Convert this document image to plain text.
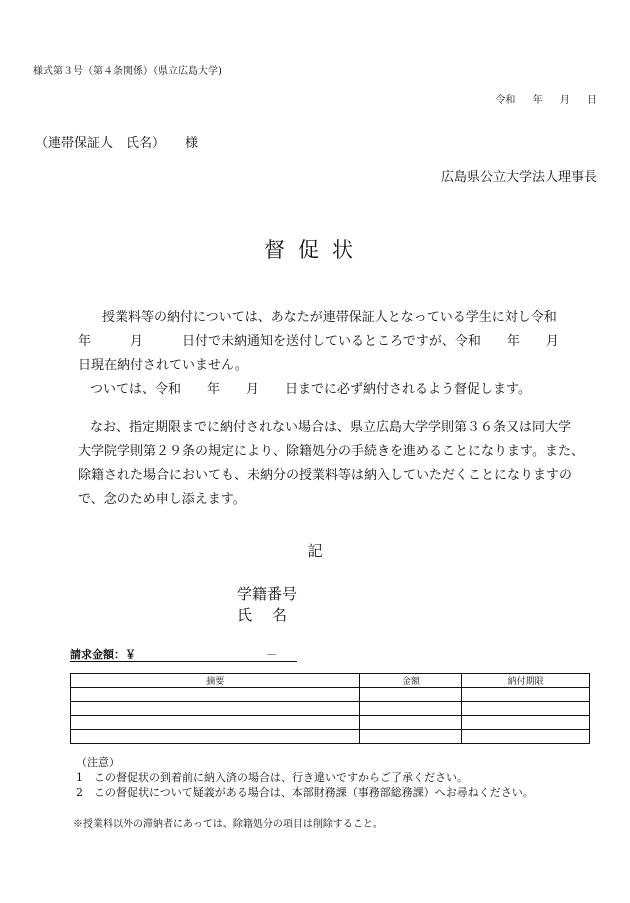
様式第３号（第４条関係）（県立広島大学)
令和 年 月 日
（連帯保証人　氏名） 様
広島県公立大学法人理事長
督促状

授業料等の納付については、あなたが連帯保証人となっている学生に対し令和

年　　　月　　　日付で未納通知を送付しているところですが、令和　　年　　月

日現在納付されていません。

ついては、令和　　年　　月　　日までに必ず納付されるよう督促します。

なお、指定期限までに納付されない場合は、県立広島大学学則第３６条又は同大学

大学院学則第２９条の規定により、除籍処分の手続きを進めることになります。また、

除籍された場合においても、未納分の授業料等は納入していただくことになりますの

で、念のため申し添えます。

記
学籍番号
氏名
請求金額：￥	－
摘要	金額	納付期限

（注意）
1　この督促状の到着前に納入済の場合は、行き違いですからご了承ください。
2　この督促状について疑義がある場合は、本部財務課（事務部総務課）へお尋ねください。
※授業料以外の滞納者にあっては、除籍処分の項目は削除すること。
